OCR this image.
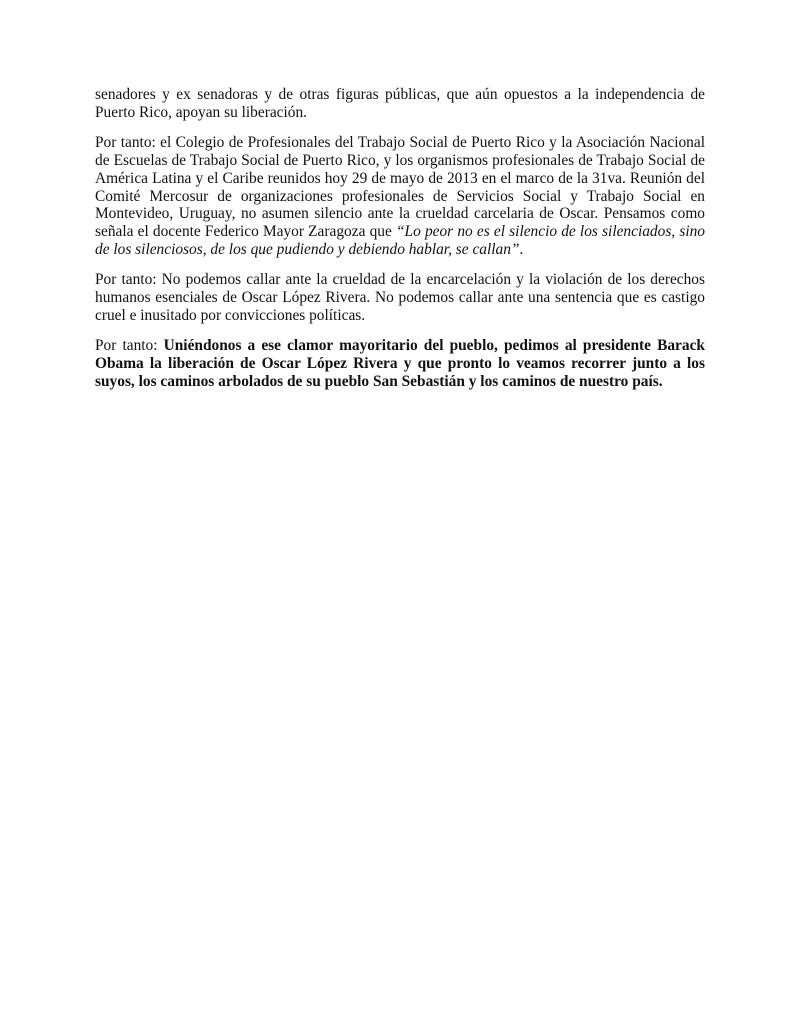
senadores y ex senadoras y de otras figuras públicas, que aún opuestos a la independencia de Puerto Rico, apoyan su liberación.

Por tanto: el Colegio de Profesionales del Trabajo Social de Puerto Rico y la Asociación Nacional de Escuelas de Trabajo Social de Puerto Rico, y los organismos profesionales de Trabajo Social de América Latina y el Caribe reunidos hoy 29 de mayo de 2013 en el marco de la 31va. Reunión del Comité Mercosur de organizaciones profesionales de Servicios Social y Trabajo Social en Montevideo, Uruguay, no asumen silencio ante la crueldad carcelaria de Oscar. Pensamos como señala el docente Federico Mayor Zaragoza que “Lo peor no es el silencio de los silenciados, sino de los silenciosos, de los que pudiendo y debiendo hablar, se callan”.

Por tanto: No podemos callar ante la crueldad de la encarcelación y la violación de los derechos humanos esenciales de Oscar López Rivera. No podemos callar ante una sentencia que es castigo cruel e inusitado por convicciones políticas.

Por tanto: Uniéndonos a ese clamor mayoritario del pueblo, pedimos al presidente Barack Obama la liberación de Oscar López Rivera y que pronto lo veamos recorrer junto a los suyos, los caminos arbolados de su pueblo San Sebastián y los caminos de nuestro país.
